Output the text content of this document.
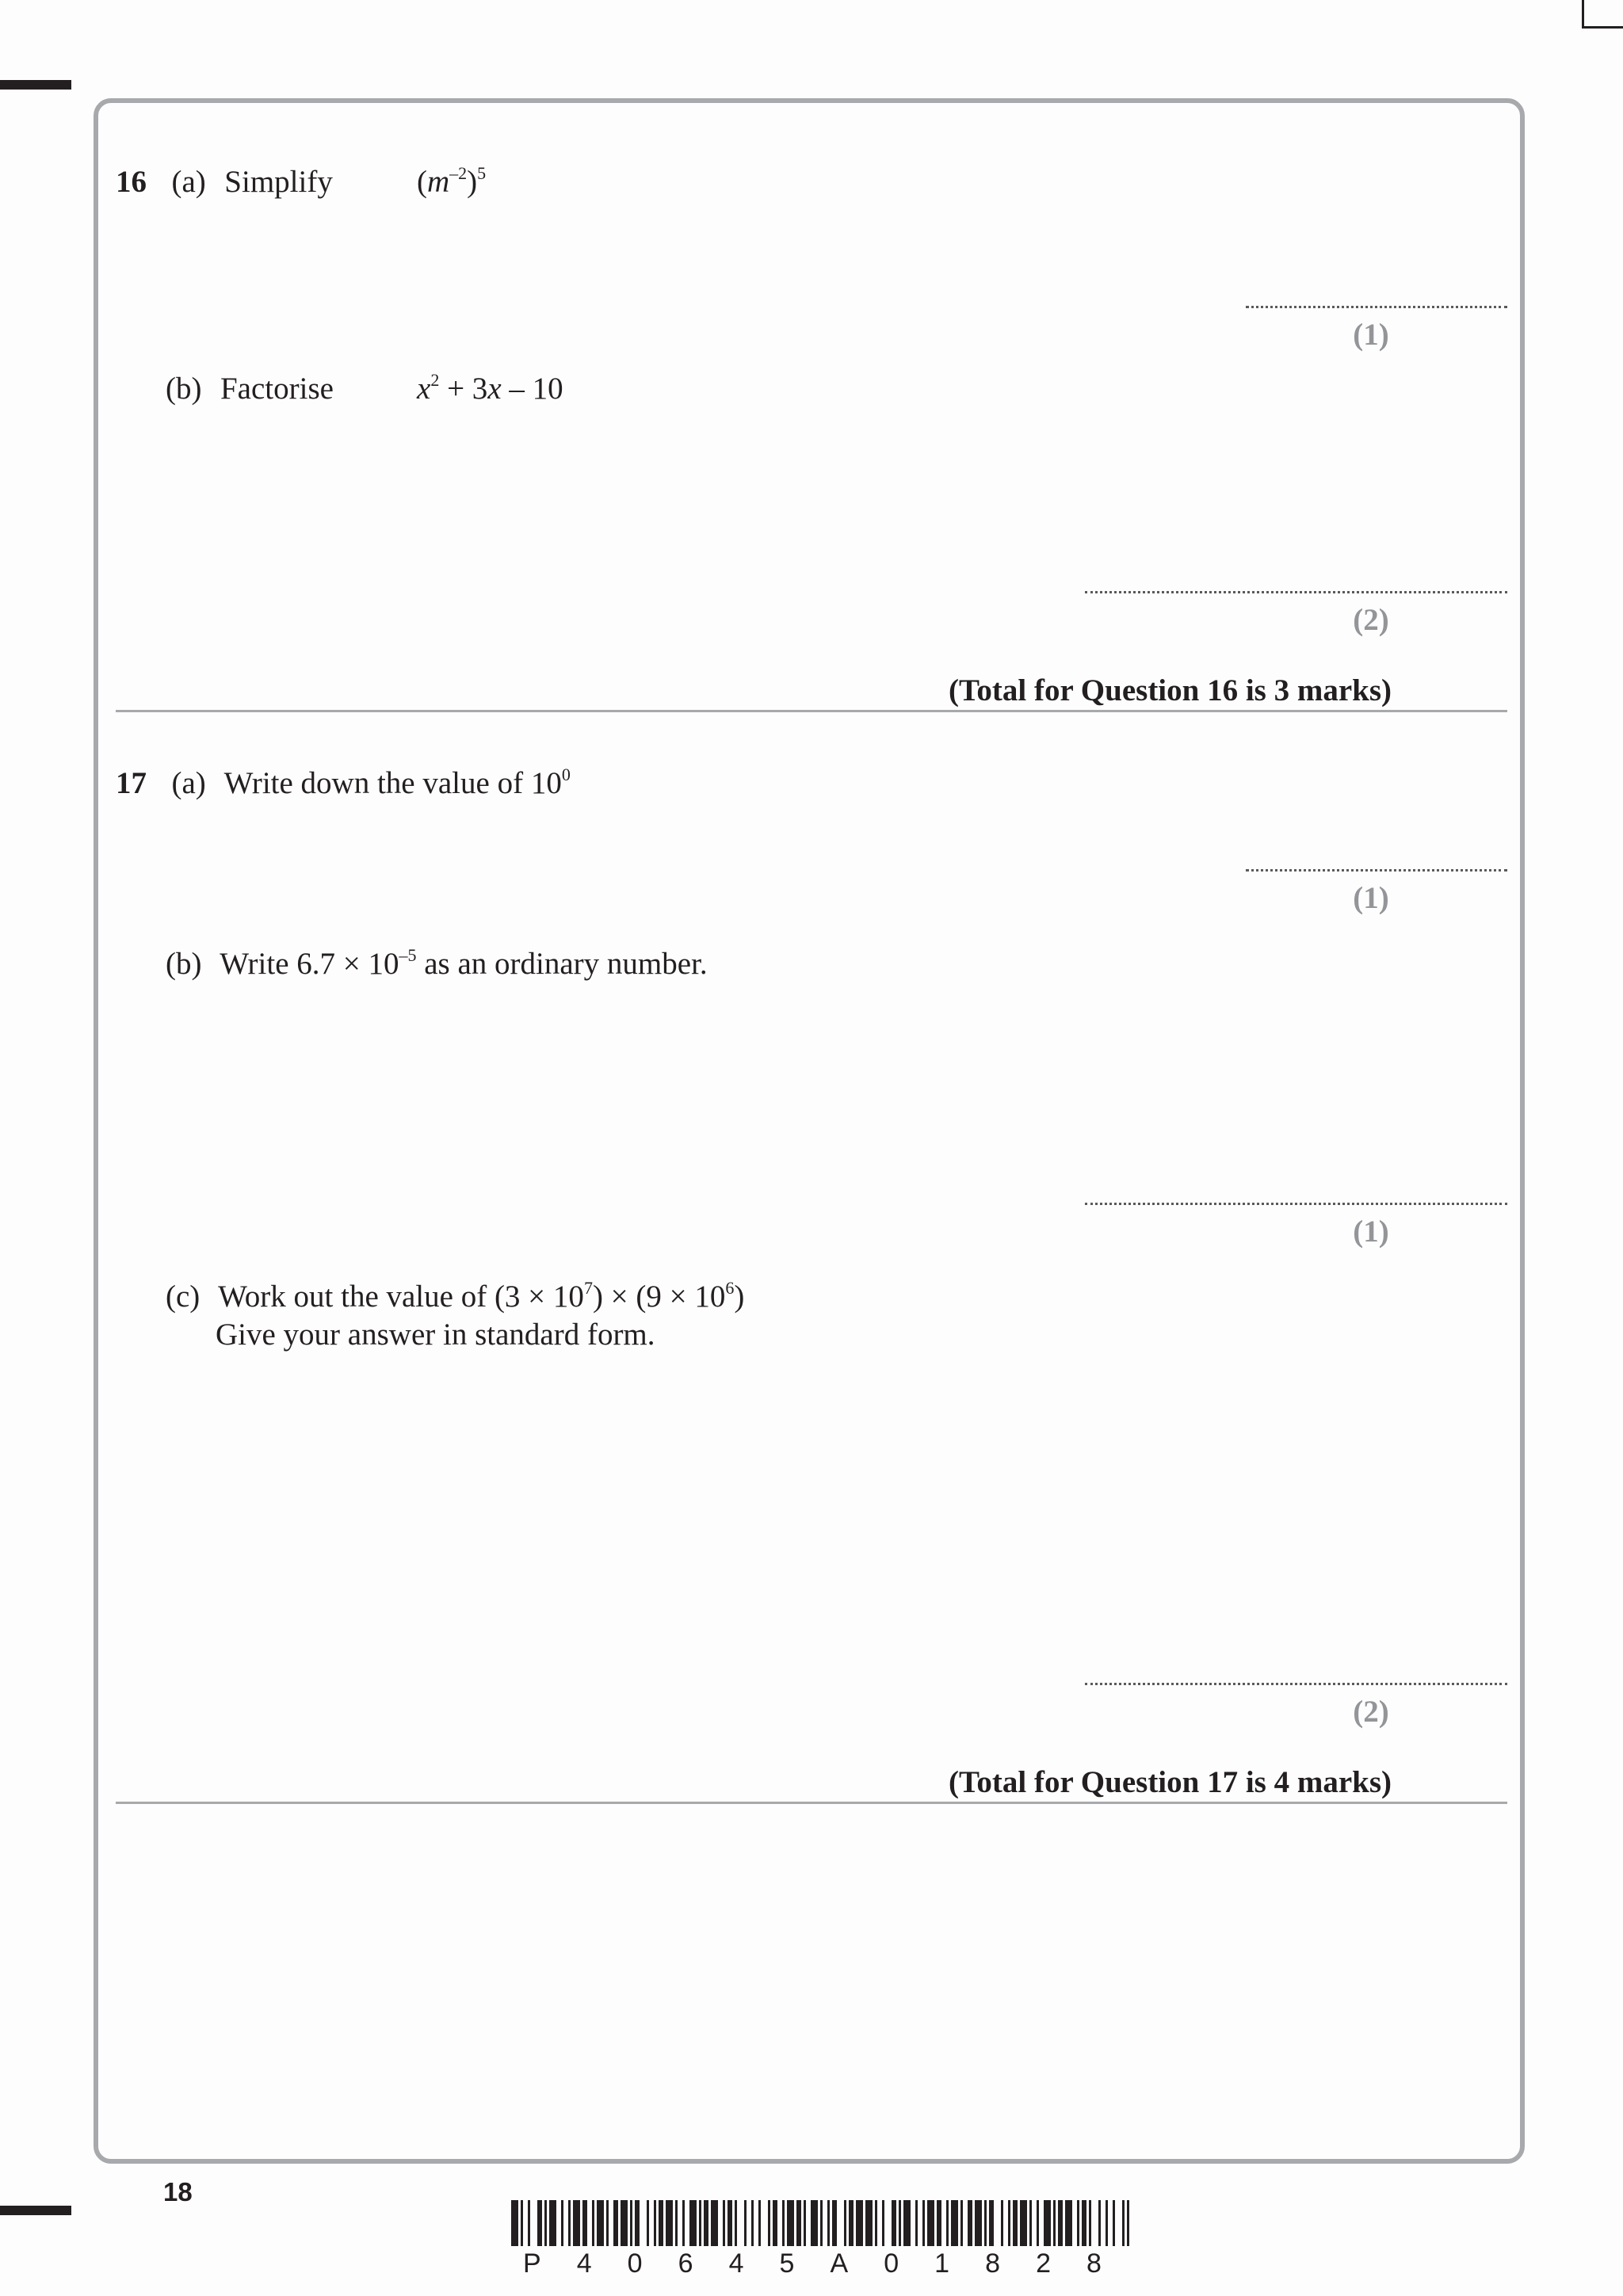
16 (a) Simplify	$(m^{-2})^5$
(1)
(b) Factorise	$x^2 + 3x - 10$
(2)
(Total for Question 16 is 3 marks)
17 (a) Write down the value of $10^0$
(1)
(b) Write $6.7 \times 10^{-5}$ as an ordinary number.
(1)
(c) Work out the value of $(3 \times 10^7) \times (9 \times 10^6)$
Give your answer in standard form.
(2)
(Total for Question 17 is 4 marks)
18
P 4 0 6 4 5 A 0 1 8 2 8
